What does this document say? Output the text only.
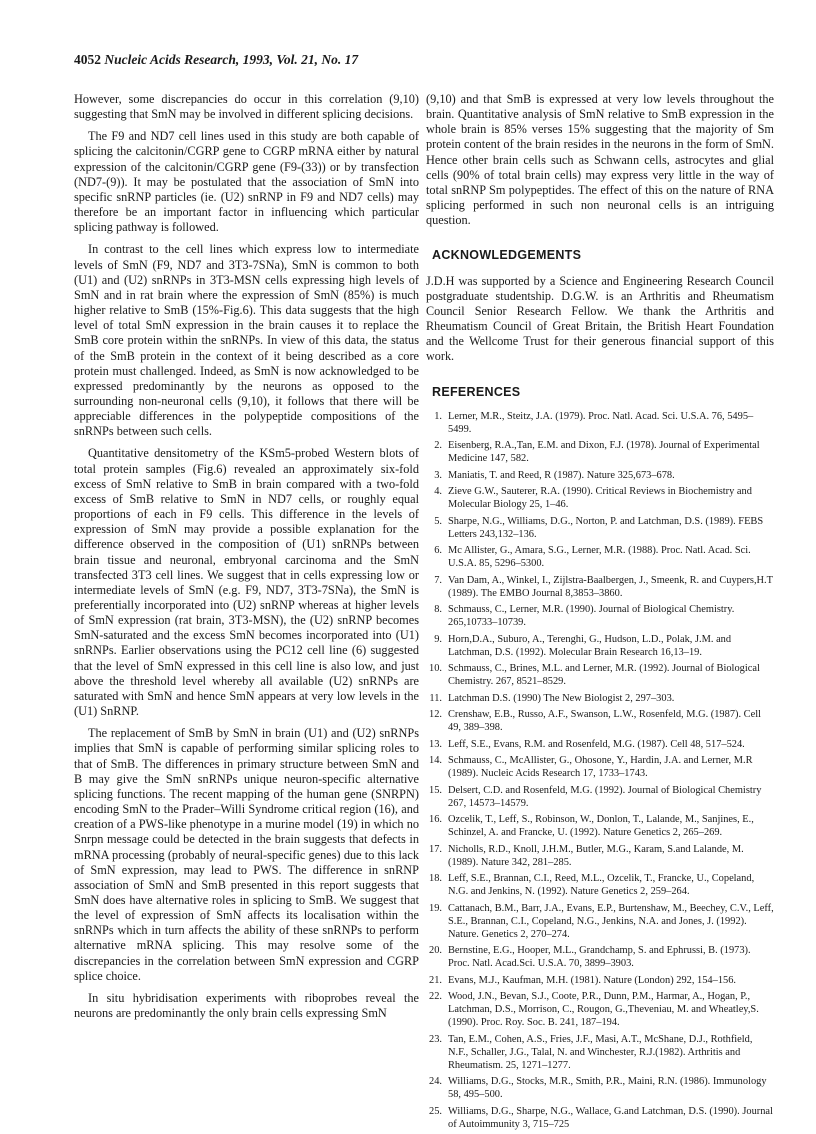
4052 Nucleic Acids Research, 1993, Vol. 21, No. 17

However, some discrepancies do occur in this correlation (9,10) suggesting that SmN may be involved in different splicing decisions.

The F9 and ND7 cell lines used in this study are both capable of splicing the calcitonin/CGRP gene to CGRP mRNA either by natural expression of the calcitonin/CGRP gene (F9-(33)) or by transfection (ND7-(9)). It may be postulated that the association of SmN into specific snRNP particles (ie. (U2) snRNP in F9 and ND7 cells) may therefore be an important factor in influencing which particular splicing pathway is followed.

In contrast to the cell lines which express low to intermediate levels of SmN (F9, ND7 and 3T3-7SNa), SmN is common to both (U1) and (U2) snRNPs in 3T3-MSN cells expressing high levels of SmN and in rat brain where the expression of SmN (85%) is much higher relative to SmB (15%-Fig.6). This data suggests that the high level of total SmN expression in the brain causes it to replace the SmB core protein within the snRNPs. In view of this data, the status of the SmB protein in the context of it being described as a core protein must challenged. Indeed, as SmN is now acknowledged to be expressed predominantly by the neurons as opposed to the surrounding non-neuronal cells (9,10), it follows that there will be appreciable differences in the polypeptide compositions of the snRNPs between such cells.

Quantitative densitometry of the KSm5-probed Western blots of total protein samples (Fig.6) revealed an approximately six-fold excess of SmN relative to SmB in brain compared with a two-fold excess of SmB relative to SmN in ND7 cells, or roughly equal proportions of each in F9 cells. This difference in the levels of expression of SmN may provide a possible explanation for the difference observed in the composition of (U1) snRNPs between brain tissue and neuronal, embryonal carcinoma and the SmN transfected 3T3 cell lines. We suggest that in cells expressing low or intermediate levels of SmN (e.g. F9, ND7, 3T3-7SNa), the SmN is preferentially incorporated into (U2) snRNP whereas at higher levels of SmN expression (rat brain, 3T3-MSN), the (U2) snRNP becomes SmN-saturated and the excess SmN becomes incorporated into (U1) snRNPs. Earlier observations using the PC12 cell line (6) suggested that the level of SmN expressed in this cell line is also low, and just above the threshold level whereby all available (U2) snRNPs are saturated with SmN and hence SmN appears at very low levels in the (U1) SnRNP.

The replacement of SmB by SmN in brain (U1) and (U2) snRNPs implies that SmN is capable of performing similar splicing roles to that of SmB. The differences in primary structure between SmN and B may give the SmN snRNPs unique neuron-specific alternative splicing functions. The recent mapping of the human gene (SNRPN) encoding SmN to the Prader–Willi Syndrome critical region (16), and creation of a PWS-like phenotype in a murine model (19) in which no Snrpn message could be detected in the brain suggests that defects in mRNA processing (probably of neural-specific genes) due to this lack of SmN expression, may lead to PWS. The difference in snRNP association of SmN and SmB presented in this report suggests that SmN does have alternative roles in splicing to SmB. We suggest that the level of expression of SmN affects its localisation within the snRNPs which in turn affects the ability of these snRNPs to perform alternative mRNA splicing. This may resolve some of the discrepancies in the correlation between SmN expression and CGRP splice choice.

In situ hybridisation experiments with riboprobes reveal the neurons are predominantly the only brain cells expressing SmN

(9,10) and that SmB is expressed at very low levels throughout the brain. Quantitative analysis of SmN relative to SmB expression in the whole brain is 85% verses 15% suggesting that the majority of Sm protein content of the brain resides in the neurons in the form of SmN. Hence other brain cells such as Schwann cells, astrocytes and glial cells (90% of total brain cells) may express very little in the way of total snRNP Sm polypeptides. The effect of this on the nature of RNA splicing performed in such non neuronal cells is an intriguing question.

ACKNOWLEDGEMENTS

J.D.H was supported by a Science and Engineering Research Council postgraduate studentship. D.G.W. is an Arthritis and Rheumatism Council Senior Research Fellow. We thank the Arthritis and Rheumatism Council of Great Britain, the British Heart Foundation and the Wellcome Trust for their generous financial support of this work.

REFERENCES
1. Lerner, M.R., Steitz, J.A. (1979). Proc. Natl. Acad. Sci. U.S.A. 76, 5495–5499.
2. Eisenberg, R.A.,Tan, E.M. and Dixon, F.J. (1978). Journal of Experimental Medicine 147, 582.
3. Maniatis, T. and Reed, R (1987). Nature 325,673–678.
4. Zieve G.W., Sauterer, R.A. (1990). Critical Reviews in Biochemistry and Molecular Biology 25, 1–46.
5. Sharpe, N.G., Williams, D.G., Norton, P. and Latchman, D.S. (1989). FEBS Letters 243,132–136.
6. Mc Allister, G., Amara, S.G., Lerner, M.R. (1988). Proc. Natl. Acad. Sci. U.S.A. 85, 5296–5300.
7. Van Dam, A., Winkel, I., Zijlstra-Baalbergen, J., Smeenk, R. and Cuypers,H.T (1989). The EMBO Journal 8,3853–3860.
8. Schmauss, C., Lerner, M.R. (1990). Journal of Biological Chemistry. 265,10733–10739.
9. Horn,D.A., Suburo, A., Terenghi, G., Hudson, L.D., Polak, J.M. and Latchman, D.S. (1992). Molecular Brain Research 16,13–19.
10. Schmauss, C., Brines, M.L. and Lerner, M.R. (1992). Journal of Biological Chemistry. 267, 8521–8529.
11. Latchman D.S. (1990) The New Biologist 2, 297–303.
12. Crenshaw, E.B., Russo, A.F., Swanson, L.W., Rosenfeld, M.G. (1987). Cell 49, 389–398.
13. Leff, S.E., Evans, R.M. and Rosenfeld, M.G. (1987). Cell 48, 517–524.
14. Schmauss, C., McAllister, G., Ohosone, Y., Hardin, J.A. and Lerner, M.R (1989). Nucleic Acids Research 17, 1733–1743.
15. Delsert, C.D. and Rosenfeld, M.G. (1992). Journal of Biological Chemistry 267, 14573–14579.
16. Ozcelik, T., Leff, S., Robinson, W., Donlon, T., Lalande, M., Sanjines, E., Schinzel, A. and Francke, U. (1992). Nature Genetics 2, 265–269.
17. Nicholls, R.D., Knoll, J.H.M., Butler, M.G., Karam, S.and Lalande, M. (1989). Nature 342, 281–285.
18. Leff, S.E., Brannan, C.I., Reed, M.L., Ozcelik, T., Francke, U., Copeland, N.G. and Jenkins, N. (1992). Nature Genetics 2, 259–264.
19. Cattanach, B.M., Barr, J.A., Evans, E.P., Burtenshaw, M., Beechey, C.V., Leff, S.E., Brannan, C.I., Copeland, N.G., Jenkins, N.A. and Jones, J. (1992). Nature. Genetics 2, 270–274.
20. Bernstine, E.G., Hooper, M.L., Grandchamp, S. and Ephrussi, B. (1973). Proc. Natl. Acad.Sci. U.S.A. 70, 3899–3903.
21. Evans, M.J., Kaufman, M.H. (1981). Nature (London) 292, 154–156.
22. Wood, J.N., Bevan, S.J., Coote, P.R., Dunn, P.M., Harmar, A., Hogan, P., Latchman, D.S., Morrison, C., Rougon, G.,Theveniau, M. and Wheatley,S. (1990). Proc. Roy. Soc. B. 241, 187–194.
23. Tan, E.M., Cohen, A.S., Fries, J.F., Masi, A.T., McShane, D.J., Rothfield, N.F., Schaller, J.G., Talal, N. and Winchester, R.J.(1982). Arthritis and Rheumatism. 25, 1271–1277.
24. Williams, D.G., Stocks, M.R., Smith, P.R., Maini, R.N. (1986). Immunology 58, 495–500.
25. Williams, D.G., Sharpe, N.G., Wallace, G.and Latchman, D.S. (1990). Journal of Autoimmunity 3, 715–725
